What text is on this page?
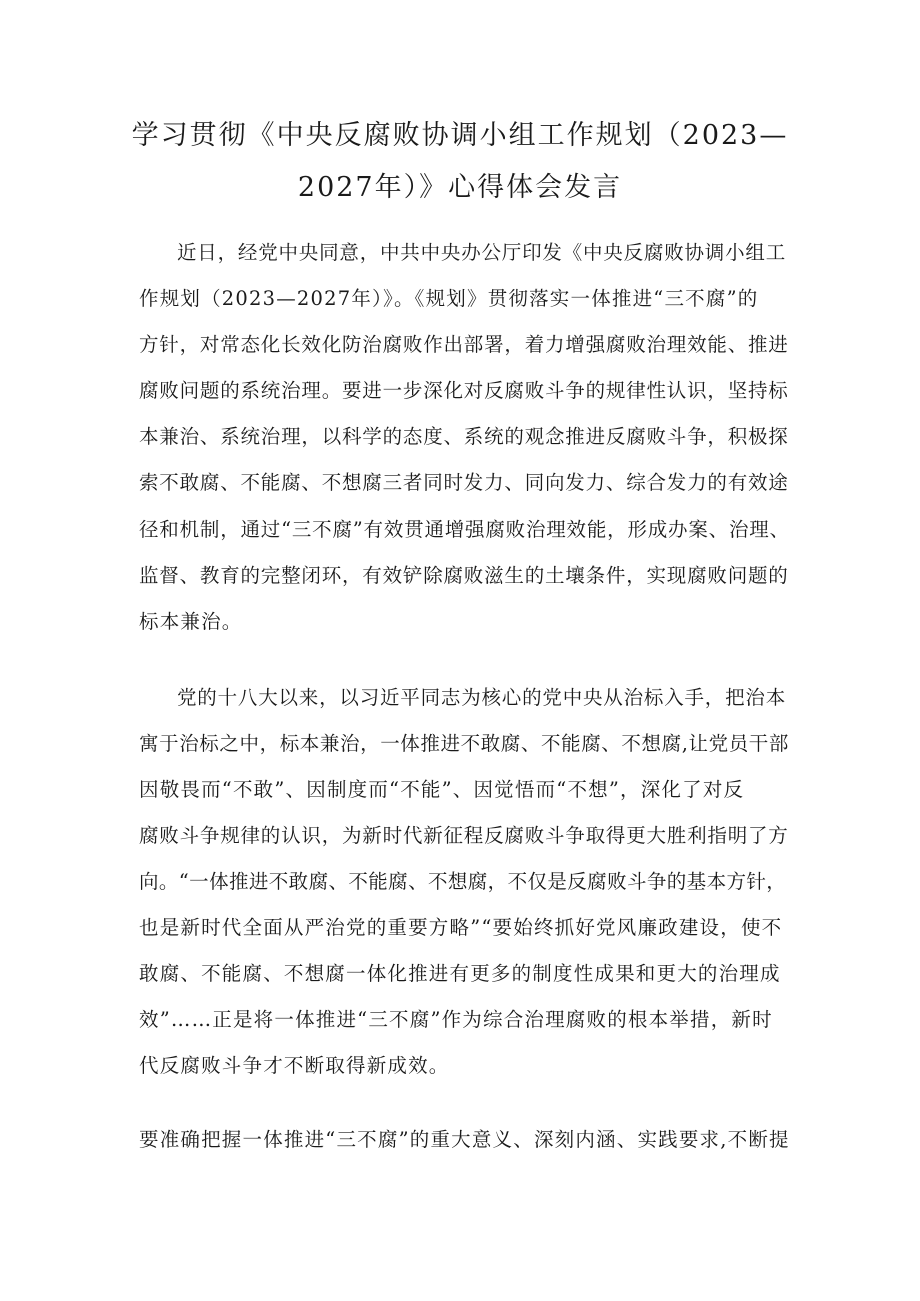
学习贯彻《中央反腐败协调小组工作规划（2023—
2027年）》心得体会发言

近日，经党中央同意，中共中央办公厅印发《中央反腐败协调小组工

作规划（2023—2027年）》。《规划》贯彻落实一体推进“三不腐”的

方针，对常态化长效化防治腐败作出部署，着力增强腐败治理效能、推进

腐败问题的系统治理。要进一步深化对反腐败斗争的规律性认识，坚持标

本兼治、系统治理，以科学的态度、系统的观念推进反腐败斗争，积极探

索不敢腐、不能腐、不想腐三者同时发力、同向发力、综合发力的有效途

径和机制，通过“三不腐”有效贯通增强腐败治理效能，形成办案、治理、

监督、教育的完整闭环，有效铲除腐败滋生的土壤条件，实现腐败问题的

标本兼治。

党的十八大以来，以习近平同志为核心的党中央从治标入手，把治本

寓于治标之中，标本兼治，一体推进不敢腐、不能腐、不想腐,让党员干部

因敬畏而“不敢”、因制度而“不能”、因觉悟而“不想”，深化了对反

腐败斗争规律的认识，为新时代新征程反腐败斗争取得更大胜利指明了方

向。“一体推进不敢腐、不能腐、不想腐，不仅是反腐败斗争的基本方针，

也是新时代全面从严治党的重要方略”“要始终抓好党风廉政建设，使不

敢腐、不能腐、不想腐一体化推进有更多的制度性成果和更大的治理成

效”……正是将一体推进“三不腐”作为综合治理腐败的根本举措，新时

代反腐败斗争才不断取得新成效。

要准确把握一体推进“三不腐”的重大意义、深刻内涵、实践要求,不断提
